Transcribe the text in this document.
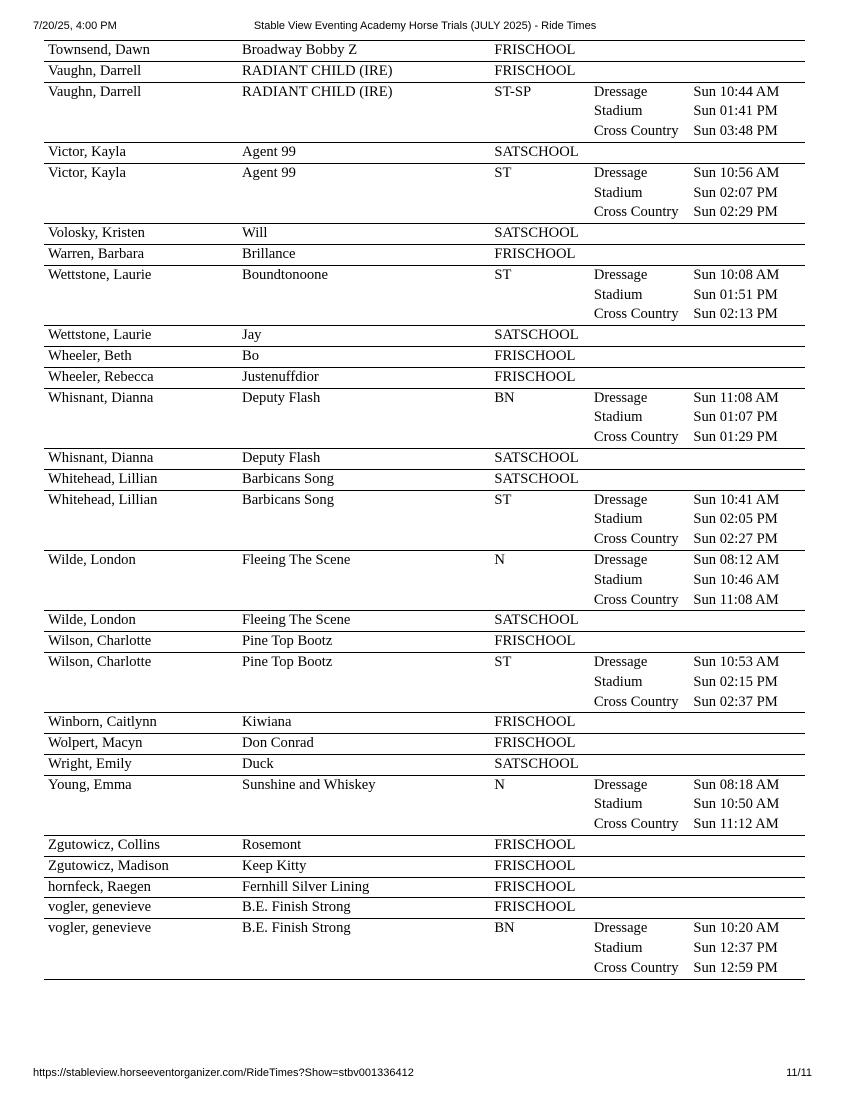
7/20/25, 4:00 PM	Stable View Eventing Academy Horse Trials (JULY 2025) - Ride Times
Townsend, Dawn	Broadway Bobby Z	FRISCHOOL		
Vaughn, Darrell	RADIANT CHILD (IRE)	FRISCHOOL		
Vaughn, Darrell	RADIANT CHILD (IRE)	ST-SP	Dressage	Sun 10:44 AM
			Stadium	Sun 01:41 PM
			Cross Country	Sun 03:48 PM
Victor, Kayla	Agent 99	SATSCHOOL		
Victor, Kayla	Agent 99	ST	Dressage	Sun 10:56 AM
			Stadium	Sun 02:07 PM
			Cross Country	Sun 02:29 PM
Volosky, Kristen	Will	SATSCHOOL		
Warren, Barbara	Brillance	FRISCHOOL		
Wettstone, Laurie	Boundtonoone	ST	Dressage	Sun 10:08 AM
			Stadium	Sun 01:51 PM
			Cross Country	Sun 02:13 PM
Wettstone, Laurie	Jay	SATSCHOOL		
Wheeler, Beth	Bo	FRISCHOOL		
Wheeler, Rebecca	Justenuffdior	FRISCHOOL		
Whisnant, Dianna	Deputy Flash	BN	Dressage	Sun 11:08 AM
			Stadium	Sun 01:07 PM
			Cross Country	Sun 01:29 PM
Whisnant, Dianna	Deputy Flash	SATSCHOOL		
Whitehead, Lillian	Barbicans Song	SATSCHOOL		
Whitehead, Lillian	Barbicans Song	ST	Dressage	Sun 10:41 AM
			Stadium	Sun 02:05 PM
			Cross Country	Sun 02:27 PM
Wilde, London	Fleeing The Scene	N	Dressage	Sun 08:12 AM
			Stadium	Sun 10:46 AM
			Cross Country	Sun 11:08 AM
Wilde, London	Fleeing The Scene	SATSCHOOL		
Wilson, Charlotte	Pine Top Bootz	FRISCHOOL		
Wilson, Charlotte	Pine Top Bootz	ST	Dressage	Sun 10:53 AM
			Stadium	Sun 02:15 PM
			Cross Country	Sun 02:37 PM
Winborn, Caitlynn	Kiwiana	FRISCHOOL		
Wolpert, Macyn	Don Conrad	FRISCHOOL		
Wright, Emily	Duck	SATSCHOOL		
Young, Emma	Sunshine and Whiskey	N	Dressage	Sun 08:18 AM
			Stadium	Sun 10:50 AM
			Cross Country	Sun 11:12 AM
Zgutowicz, Collins	Rosemont	FRISCHOOL		
Zgutowicz, Madison	Keep Kitty	FRISCHOOL		
hornfeck, Raegen	Fernhill Silver Lining	FRISCHOOL		
vogler, genevieve	B.E. Finish Strong	FRISCHOOL		
vogler, genevieve	B.E. Finish Strong	BN	Dressage	Sun 10:20 AM
			Stadium	Sun 12:37 PM
			Cross Country	Sun 12:59 PM
https://stableview.horseeventorganizer.com/RideTimes?Show=stbv001336412	11/11
